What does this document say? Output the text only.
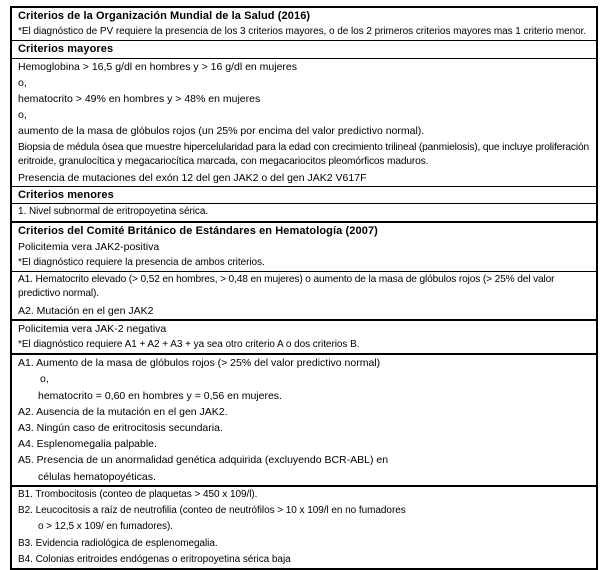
Criterios de la Organización Mundial de la Salud (2016)
*El diagnóstico de PV requiere la presencia de los 3 criterios mayores, o de los 2 primeros criterios mayores mas 1 criterio menor.
Criterios mayores
Hemoglobina > 16,5 g/dl en hombres y > 16 g/dl en mujeres
o,
hematocrito > 49% en hombres y > 48% en mujeres
o,
aumento de la masa de glóbulos rojos (un 25% por encima del valor predictivo normal).
Biopsia de médula ósea que muestre hipercelularidad para la edad con crecimiento trilineal (panmielosis), que incluye proliferación eritroide, granulocítica y megacariocítica marcada, con megacariocitos pleomórficos maduros.
Presencia de mutaciones del exón 12 del gen JAK2 o del gen JAK2 V617F
Criterios menores
1. Nivel subnormal de eritropoyetina sérica.
Criterios del Comité Británico de Estándares en Hematología (2007)
Policitemia vera JAK2-positiva
*El diagnóstico requiere la presencia de ambos criterios.
A1. Hematocrito elevado (> 0,52 en hombres, > 0,48 en mujeres) o aumento de la masa de glóbulos rojos (> 25% del valor predictivo normal).
A2. Mutación en el gen JAK2
Policitemia vera JAK-2 negativa
*El diagnóstico requiere A1 + A2 + A3 + ya sea otro criterio A o dos criterios B.
A1. Aumento de la masa de glóbulos rojos (> 25% del valor predictivo normal)
o,
hematocrito = 0,60 en hombres y = 0,56 en mujeres.
A2. Ausencia de la mutación en el gen JAK2.
A3. Ningún caso de eritrocitosis secundaria.
A4. Esplenomegalia palpable.
A5. Presencia de un anormalidad genética adquirida (excluyendo BCR-ABL) en
células hematopoyéticas.
B1. Trombocitosis (conteo de plaquetas > 450 x 109/l).
B2. Leucocitosis a raíz de neutrofilia (conteo de neutrófilos > 10 x 109/l en no fumadores
o > 12,5 x 109/ en fumadores).
B3. Evidencia radiológica de esplenomegalia.
B4. Colonias eritroides endógenas o eritropoyetina sérica baja
